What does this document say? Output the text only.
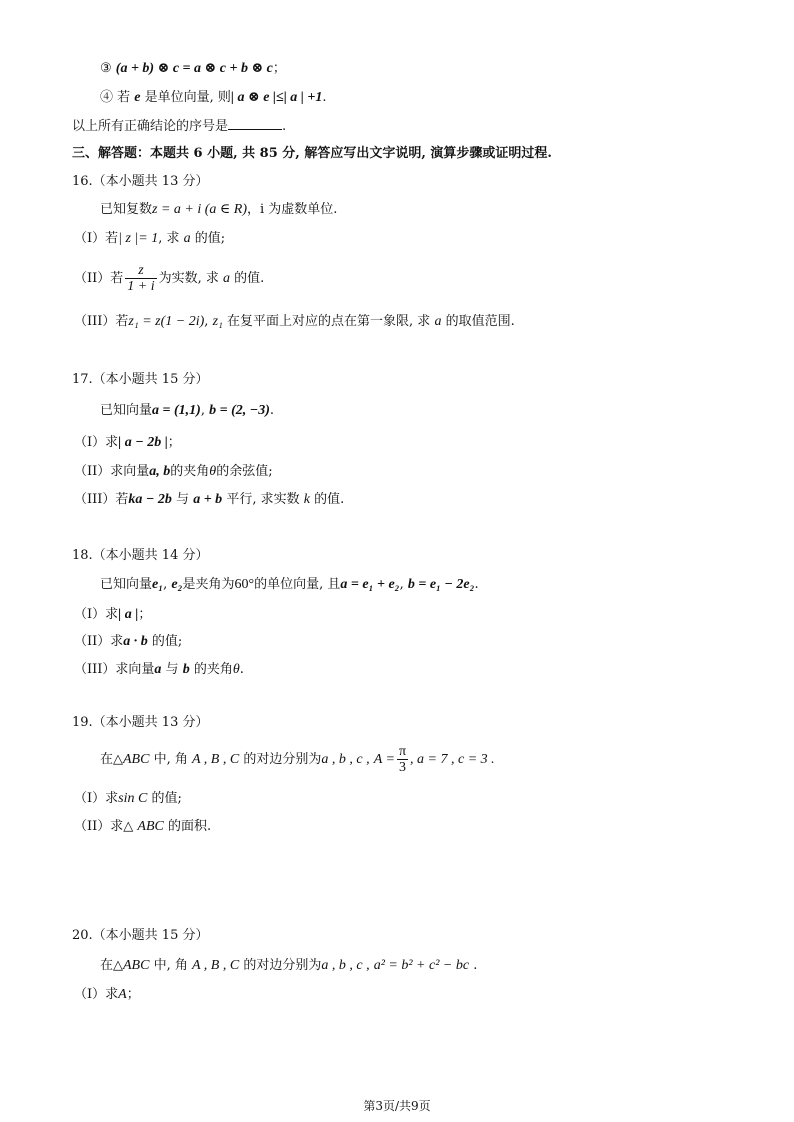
③ (a + b) ⊗ c = a ⊗ c + b ⊗ c；
④ 若 e 是单位向量, 则| a ⊗ e |≤| a | +1.
以上所有正确结论的序号是	.
三、解答题：本题共 6 小题, 共 85 分, 解答应写出文字说明, 演算步骤或证明过程.
16.（本小题共 13 分）
已知复数z = a + i (a ∈ R)，i 为虚数单位.
（I）若| z |= 1, 求 a 的值;
（II）若 $\frac{z}{1 + i}$ 为实数, 求 a 的值.
（III）若z₁ = z(1 − 2i), z₁ 在复平面上对应的点在第一象限, 求 a 的取值范围.
17.（本小题共 15 分）
已知向量a = (1,1), b = (2, −3).
（I）求| a − 2b |；
（II）求向量a, b的夹角θ的余弦值;
（III）若ka − 2b 与 a + b 平行, 求实数 k 的值.
18.（本小题共 14 分）
已知向量e₁, e₂是夹角为60°的单位向量, 且a = e₁ + e₂, b = e₁ − 2e₂.
（I）求| a |；
（II）求a · b 的值;
（III）求向量a 与 b 的夹角θ.
19.（本小题共 13 分）
在△ABC 中, 角 A , B , C 的对边分别为a , b , c , $A = \frac{\pi}{3}$ , a = 7 , c = 3 .
（I）求sin C 的值;
（II）求△ ABC 的面积.
20.（本小题共 15 分）
在△ABC 中, 角 A , B , C 的对边分别为a , b , c , a² = b² + c² − bc .
（I）求A；
第3页/共9页
